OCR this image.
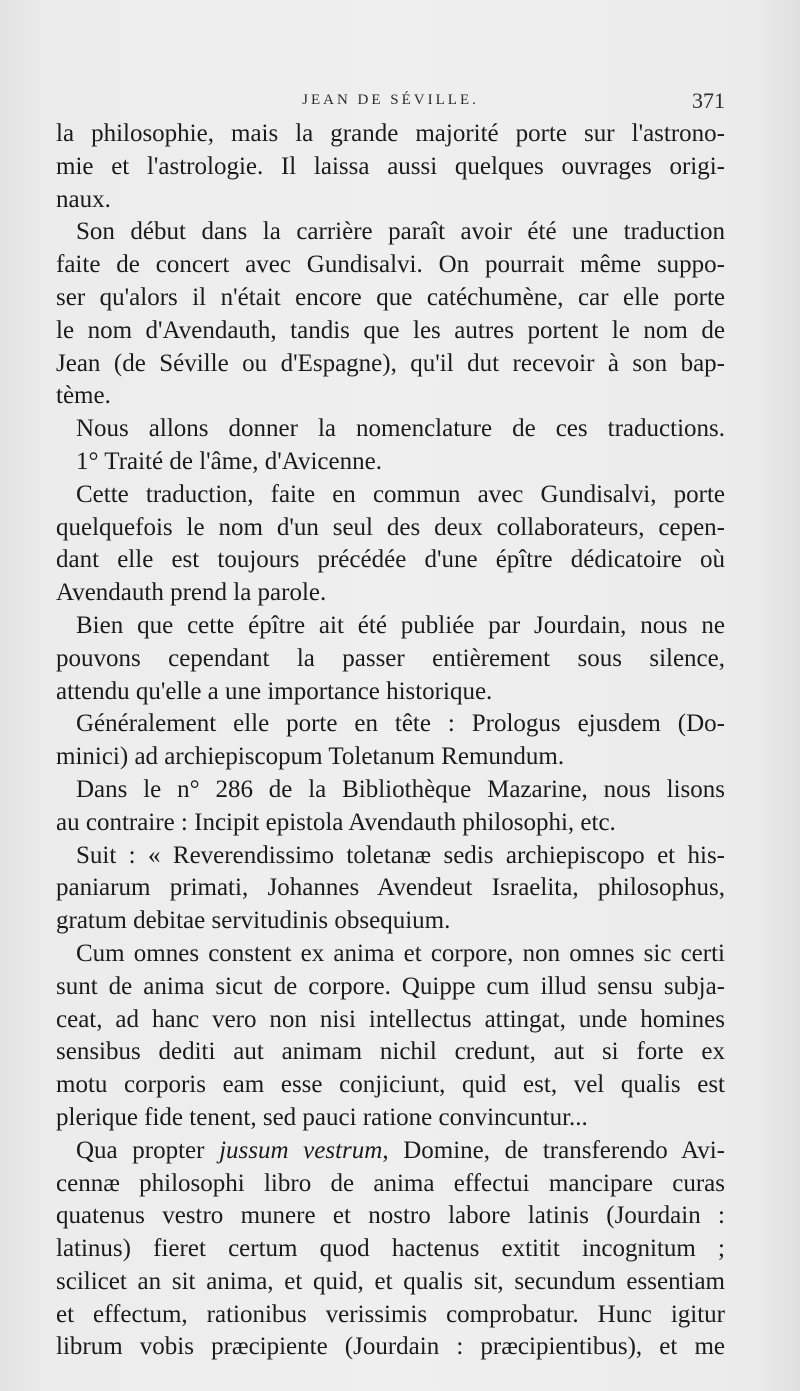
JEAN DE SÉVILLE.	371
la philosophie, mais la grande majorité porte sur l'astrono-
mie et l'astrologie. Il laissa aussi quelques ouvrages origi-
naux.
Son début dans la carrière paraît avoir été une traduction
faite de concert avec Gundisalvi. On pourrait même suppo-
ser qu'alors il n'était encore que catéchumène, car elle porte
le nom d'Avendauth, tandis que les autres portent le nom de
Jean (de Séville ou d'Espagne), qu'il dut recevoir à son bap-
tème.
Nous allons donner la nomenclature de ces traductions.
1° Traité de l'âme, d'Avicenne.
Cette traduction, faite en commun avec Gundisalvi, porte
quelquefois le nom d'un seul des deux collaborateurs, cepen-
dant elle est toujours précédée d'une épître dédicatoire où
Avendauth prend la parole.
Bien que cette épître ait été publiée par Jourdain, nous ne
pouvons cependant la passer entièrement sous silence,
attendu qu'elle a une importance historique.
Généralement elle porte en tête : Prologus ejusdem (Do-
minici) ad archiepiscopum Toletanum Remundum.
Dans le n° 286 de la Bibliothèque Mazarine, nous lisons
au contraire : Incipit epistola Avendauth philosophi, etc.
Suit : « Reverendissimo toletanæ sedis archiepiscopo et his-
paniarum primati, Johannes Avendeut Israelita, philosophus,
gratum debitae servitudinis obsequium.
Cum omnes constent ex anima et corpore, non omnes sic certi
sunt de anima sicut de corpore. Quippe cum illud sensu subja-
ceat, ad hanc vero non nisi intellectus attingat, unde homines
sensibus dediti aut animam nichil credunt, aut si forte ex
motu corporis eam esse conjiciunt, quid est, vel qualis est
plerique fide tenent, sed pauci ratione convincuntur...
Qua propter jussum vestrum, Domine, de transferendo Avi-
cennæ philosophi libro de anima effectui mancipare curas
quatenus vestro munere et nostro labore latinis (Jourdain :
latinus) fieret certum quod hactenus extitit incognitum ;
scilicet an sit anima, et quid, et qualis sit, secundum essentiam
et effectum, rationibus verissimis comprobatur. Hunc igitur
librum vobis præcipiente (Jourdain : præcipientibus), et me
